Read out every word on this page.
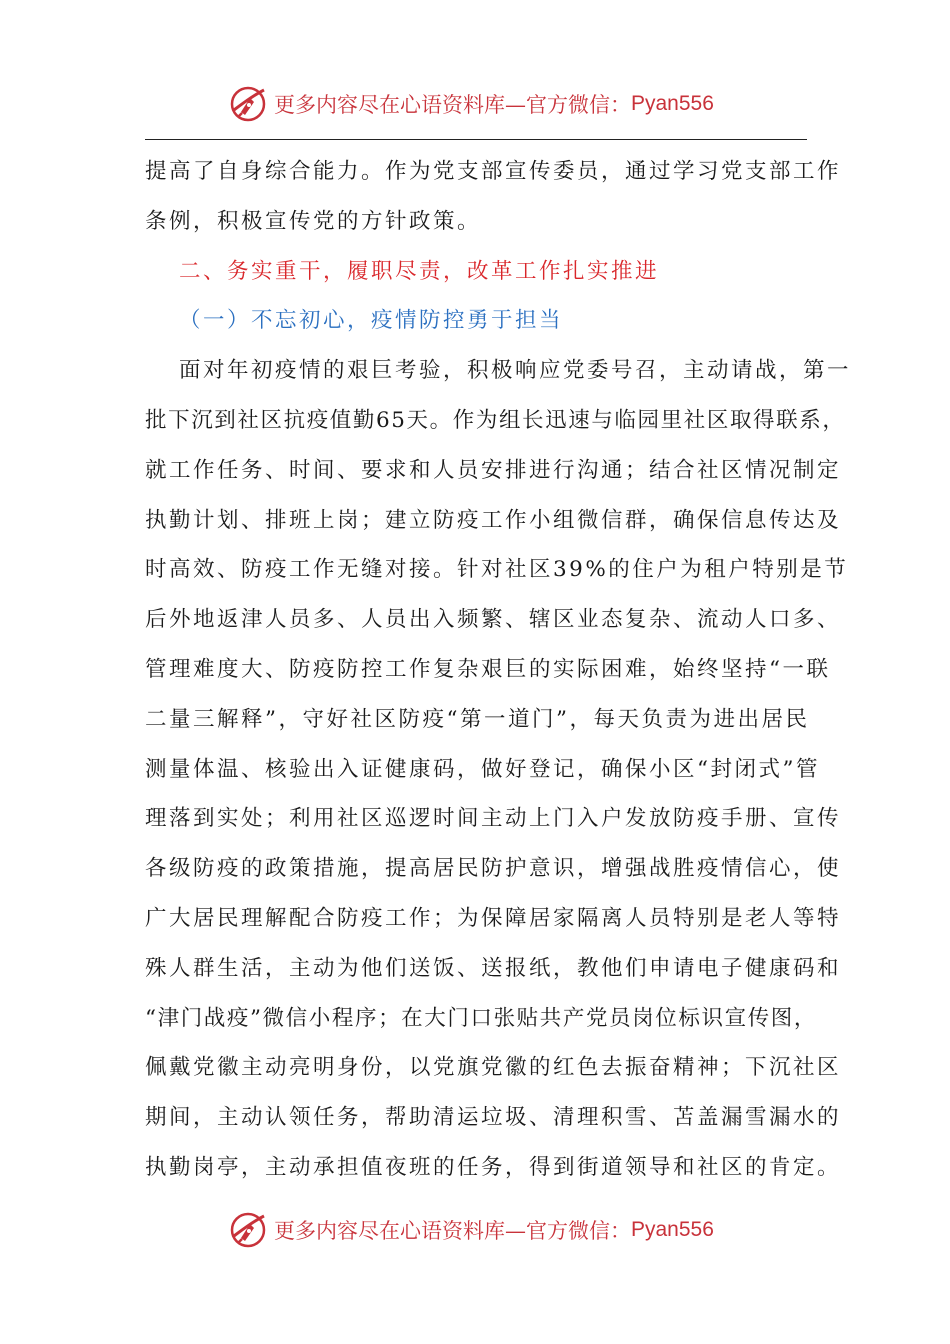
更多内容尽在心语资料库—官方微信： Pyan556
提高了自身综合能力。作为党支部宣传委员，通过学习党支部工作
条例，积极宣传党的方针政策。
二、务实重干，履职尽责，改革工作扎实推进
（一）不忘初心，疫情防控勇于担当
面对年初疫情的艰巨考验，积极响应党委号召，主动请战，第一
批下沉到社区抗疫值勤65天。作为组长迅速与临园里社区取得联系，
就工作任务、时间、要求和人员安排进行沟通；结合社区情况制定
执勤计划、排班上岗；建立防疫工作小组微信群，确保信息传达及
时高效、防疫工作无缝对接。针对社区39%的住户为租户特别是节
后外地返津人员多、人员出入频繁、辖区业态复杂、流动人口多、
管理难度大、防疫防控工作复杂艰巨的实际困难，始终坚持“一联
二量三解释”，守好社区防疫“第一道门”，每天负责为进出居民
测量体温、核验出入证健康码，做好登记，确保小区“封闭式”管
理落到实处；利用社区巡逻时间主动上门入户发放防疫手册、宣传
各级防疫的政策措施，提高居民防护意识，增强战胜疫情信心，使
广大居民理解配合防疫工作；为保障居家隔离人员特别是老人等特
殊人群生活，主动为他们送饭、送报纸，教他们申请电子健康码和
“津门战疫”微信小程序；在大门口张贴共产党员岗位标识宣传图，
佩戴党徽主动亮明身份，以党旗党徽的红色去振奋精神；下沉社区
期间，主动认领任务，帮助清运垃圾、清理积雪、苫盖漏雪漏水的
执勤岗亭，主动承担值夜班的任务，得到街道领导和社区的肯定。
更多内容尽在心语资料库—官方微信： Pyan556
